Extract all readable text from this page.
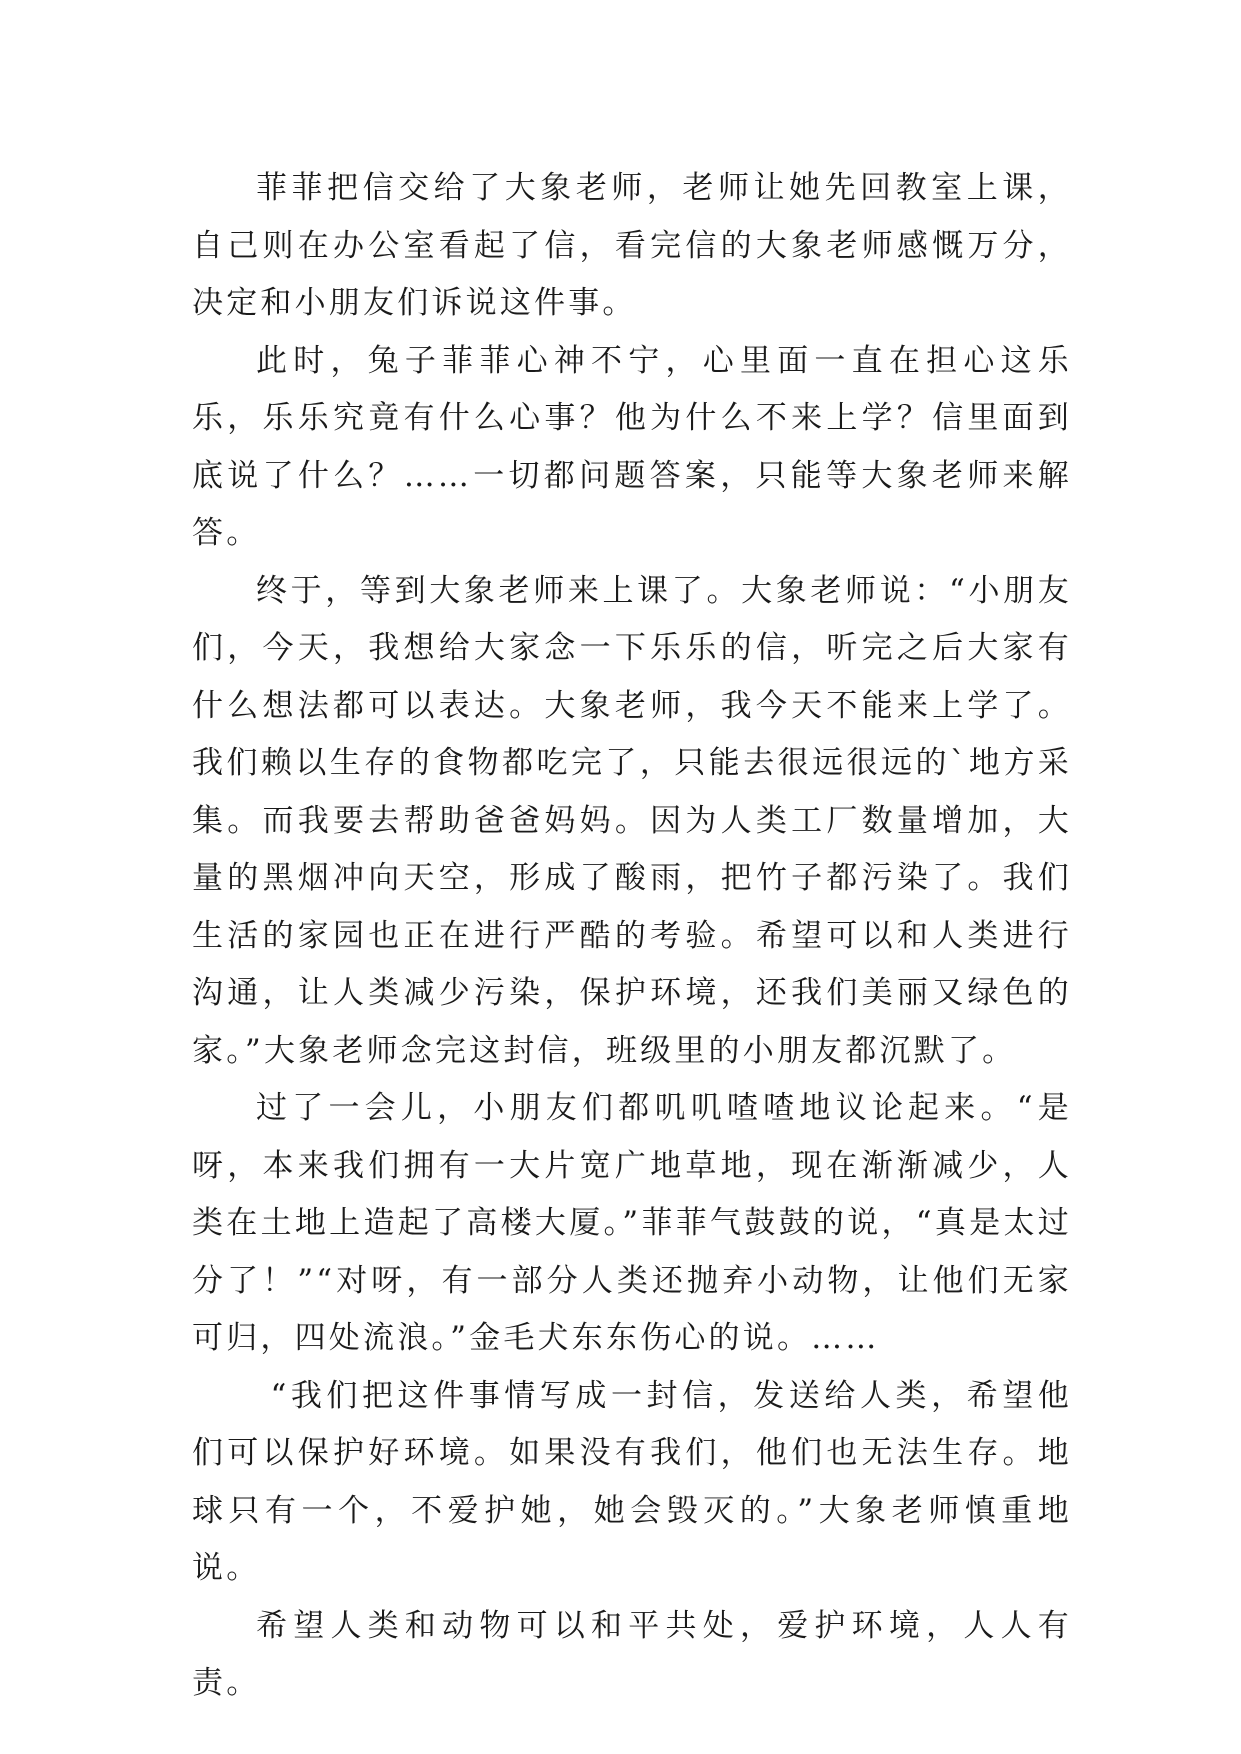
菲菲把信交给了大象老师，老师让她先回教室上课，自己则在办公室看起了信，看完信的大象老师感慨万分，决定和小朋友们诉说这件事。

此时，兔子菲菲心神不宁，心里面一直在担心这乐乐，乐乐究竟有什么心事？他为什么不来上学？信里面到底说了什么？……一切都问题答案，只能等大象老师来解答。

终于，等到大象老师来上课了。大象老师说：“小朋友们，今天，我想给大家念一下乐乐的信，听完之后大家有什么想法都可以表达。大象老师，我今天不能来上学了。我们赖以生存的食物都吃完了，只能去很远很远的`地方采集。而我要去帮助爸爸妈妈。因为人类工厂数量增加，大量的黑烟冲向天空，形成了酸雨，把竹子都污染了。我们生活的家园也正在进行严酷的考验。希望可以和人类进行沟通，让人类减少污染，保护环境，还我们美丽又绿色的家。”大象老师念完这封信，班级里的小朋友都沉默了。

过了一会儿，小朋友们都叽叽喳喳地议论起来。“是呀，本来我们拥有一大片宽广地草地，现在渐渐减少，人类在土地上造起了高楼大厦。”菲菲气鼓鼓的说，“真是太过分了！”“对呀，有一部分人类还抛弃小动物，让他们无家可归，四处流浪。”金毛犬东东伤心的说。……

“我们把这件事情写成一封信，发送给人类，希望他们可以保护好环境。如果没有我们，他们也无法生存。地球只有一个，不爱护她，她会毁灭的。”大象老师慎重地说。

希望人类和动物可以和平共处，爱护环境，人人有责。
